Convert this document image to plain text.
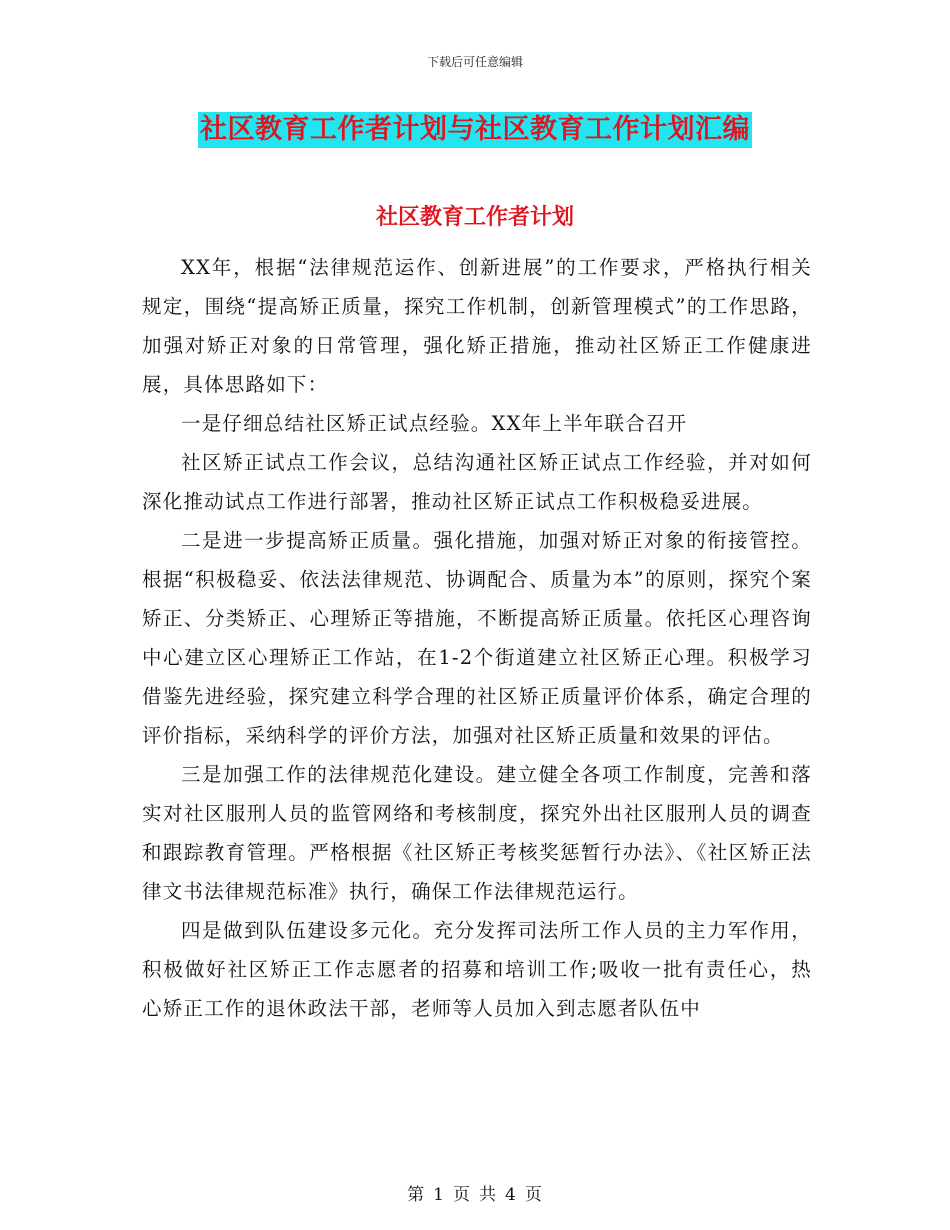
下载后可任意编辑
社区教育工作者计划与社区教育工作计划汇编
社区教育工作者计划

XX年，根据“法律规范运作、创新进展”的工作要求，严格执行相关规定，围绕“提高矫正质量，探究工作机制，创新管理模式”的工作思路，加强对矫正对象的日常管理，强化矫正措施，推动社区矫正工作健康进展，具体思路如下：

一是仔细总结社区矫正试点经验。XX年上半年联合召开

社区矫正试点工作会议，总结沟通社区矫正试点工作经验，并对如何深化推动试点工作进行部署，推动社区矫正试点工作积极稳妥进展。

二是进一步提高矫正质量。强化措施，加强对矫正对象的衔接管控。根据“积极稳妥、依法法律规范、协调配合、质量为本”的原则，探究个案矫正、分类矫正、心理矫正等措施，不断提高矫正质量。依托区心理咨询中心建立区心理矫正工作站，在1-2个街道建立社区矫正心理。积极学习借鉴先进经验，探究建立科学合理的社区矫正质量评价体系，确定合理的评价指标，采纳科学的评价方法，加强对社区矫正质量和效果的评估。

三是加强工作的法律规范化建设。建立健全各项工作制度，完善和落实对社区服刑人员的监管网络和考核制度，探究外出社区服刑人员的调查和跟踪教育管理。严格根据《社区矫正考核奖惩暂行办法》、《社区矫正法律文书法律规范标准》执行，确保工作法律规范运行。

四是做到队伍建设多元化。充分发挥司法所工作人员的主力军作用，积极做好社区矫正工作志愿者的招募和培训工作;吸收一批有责任心，热心矫正工作的退休政法干部，老师等人员加入到志愿者队伍中

第 1 页 共 4 页
